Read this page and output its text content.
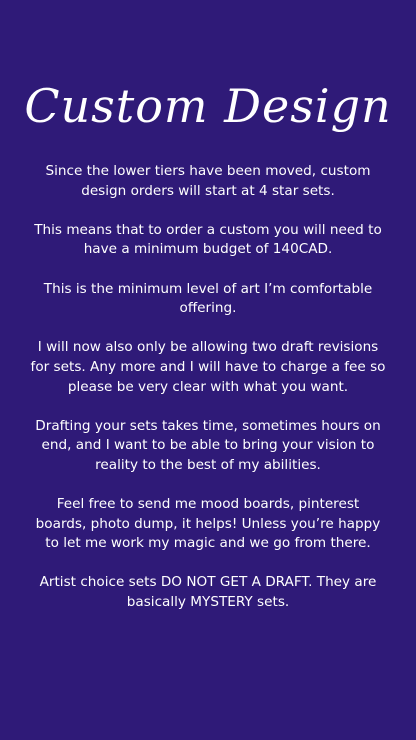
Custom Design

Since the lower tiers have been moved, custom design orders will start at 4 star sets.

This means that to order a custom you will need to have a minimum budget of 140CAD.

This is the minimum level of art I’m comfortable offering.

I will now also only be allowing two draft revisions for sets. Any more and I will have to charge a fee so please be very clear with what you want.

Drafting your sets takes time, sometimes hours on end, and I want to be able to bring your vision to reality to the best of my abilities.

Feel free to send me mood boards, pinterest boards, photo dump, it helps! Unless you’re happy to let me work my magic and we go from there.

Artist choice sets DO NOT GET A DRAFT. They are basically MYSTERY sets.
